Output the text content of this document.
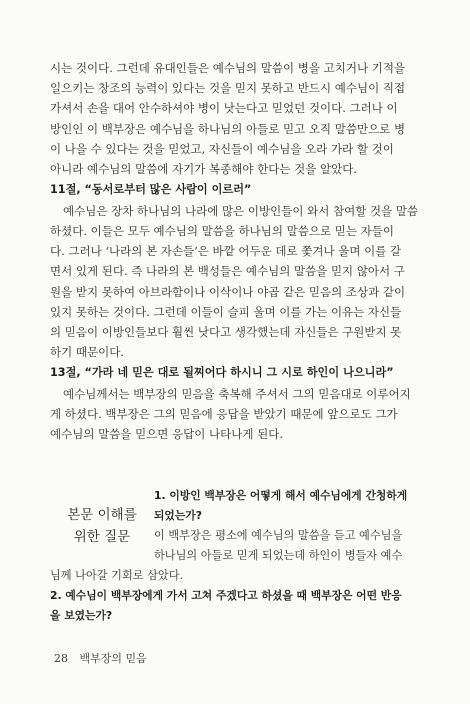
시는 것이다. 그런데 유대인들은 예수님의 말씀이 병을 고치거나 기적을
일으키는 창조의 능력이 있다는 것을 믿지 못하고 반드시 예수님이 직접
가셔서 손을 대어 안수하셔야 병이 낫는다고 믿었던 것이다. 그러나 이
방인인 이 백부장은 예수님을 하나님의 아들로 믿고 오직 말씀만으로 병
이 나을 수 있다는 것을 믿었고, 자신들이 예수님을 오라 가라 할 것이
아니라 예수님의 말씀에 자기가 복종해야 한다는 것을 알았다.

11절, “동서로부터 많은 사람이 이르러”

예수님은 장차 하나님의 나라에 많은 이방인들이 와서 참여할 것을 말씀
하셨다. 이들은 모두 예수님의 말씀을 하나님의 말씀으로 믿는 자들이
다. 그러나 ‘나라의 본 자손들’은 바깥 어두운 데로 쫓겨나 울며 이를 갈
면서 있게 된다. 즉 나라의 본 백성들은 예수님의 말씀을 믿지 않아서 구
원을 받지 못하여 아브라함이나 이삭이나 야곱 같은 믿음의 조상과 같이
있지 못하는 것이다. 그런데 이들이 슬피 울며 이를 가는 이유는 자신들
의 믿음이 이방인들보다 훨씬 낫다고 생각했는데 자신들은 구원받지 못
하기 때문이다.

13절, “가라 네 믿은 대로 될찌어다 하시니 그 시로 하인이 나으니라”

예수님께서는 백부장의 믿음을 축복해 주셔서 그의 믿음대로 이루어지
게 하셨다. 백부장은 그의 믿음에 응답을 받았기 때문에 앞으로도 그가
예수님의 말씀을 믿으면 응답이 나타나게 된다.

본문 이해를
위한 질문

1. 이방인 백부장은 어떻게 해서 예수님에게 간청하게
되었는가?

이 백부장은 평소에 예수님의 말씀을 듣고 예수님을
하나님의 아들로 믿게 되었는데 하인이 병들자 예수

님께 나아갈 기회로 삼았다.

2. 예수님이 백부장에게 가서 고쳐 주겠다고 하셨을 때 백부장은 어떤 반응
을 보였는가?

28 백부장의 믿음
